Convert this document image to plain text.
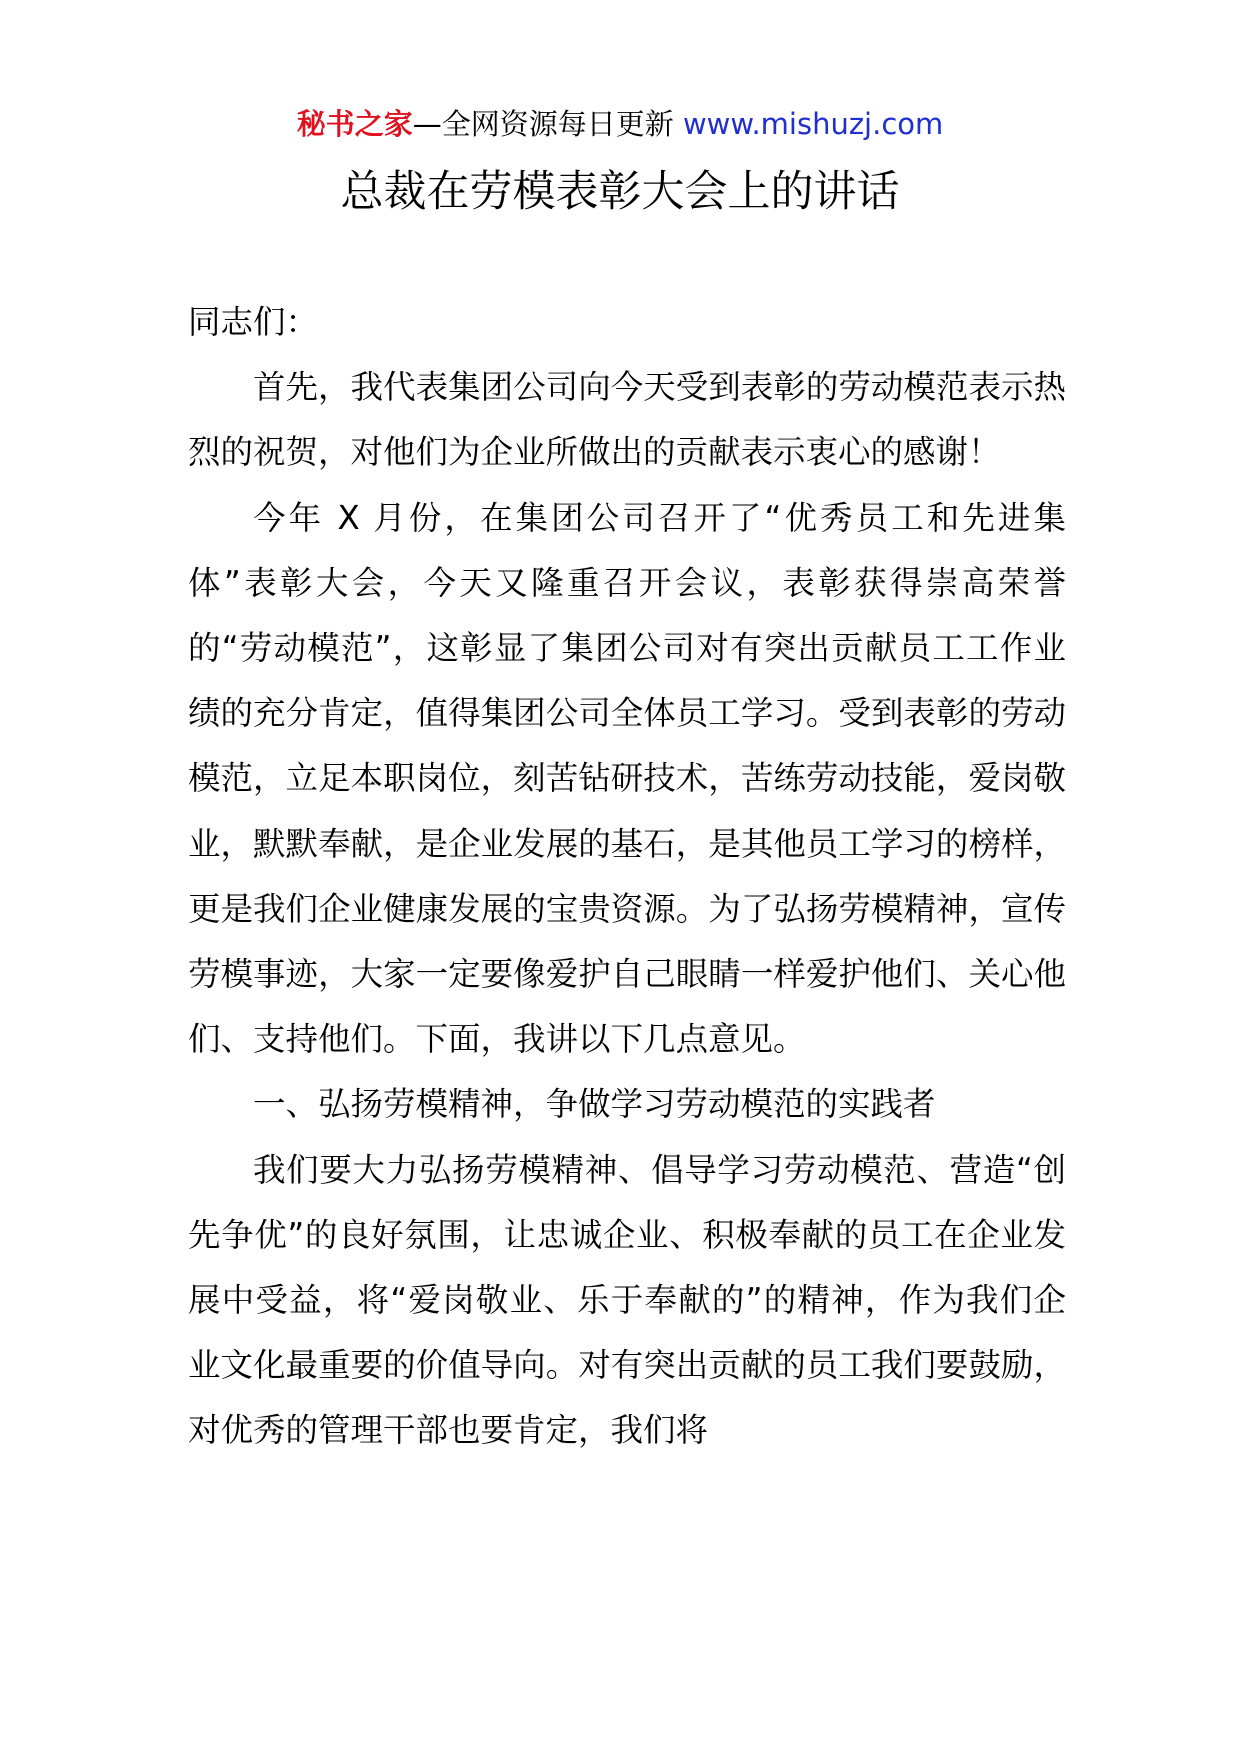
秘书之家—全网资源每日更新 www.mishuzj.com
总裁在劳模表彰大会上的讲话

同志们：

首先，我代表集团公司向今天受到表彰的劳动模范表示热烈的祝贺，对他们为企业所做出的贡献表示衷心的感谢！

今年 X 月份，在集团公司召开了“优秀员工和先进集体”表彰大会，今天又隆重召开会议，表彰获得崇高荣誉的“劳动模范”，这彰显了集团公司对有突出贡献员工工作业绩的充分肯定，值得集团公司全体员工学习。受到表彰的劳动模范，立足本职岗位，刻苦钻研技术，苦练劳动技能，爱岗敬业，默默奉献，是企业发展的基石，是其他员工学习的榜样，更是我们企业健康发展的宝贵资源。为了弘扬劳模精神，宣传劳模事迹，大家一定要像爱护自己眼睛一样爱护他们、关心他们、支持他们。下面，我讲以下几点意见。

一、弘扬劳模精神，争做学习劳动模范的实践者

我们要大力弘扬劳模精神、倡导学习劳动模范、营造“创先争优”的良好氛围，让忠诚企业、积极奉献的员工在企业发展中受益，将“爱岗敬业、乐于奉献的”的精神，作为我们企业文化最重要的价值导向。对有突出贡献的员工我们要鼓励，对优秀的管理干部也要肯定，我们将
